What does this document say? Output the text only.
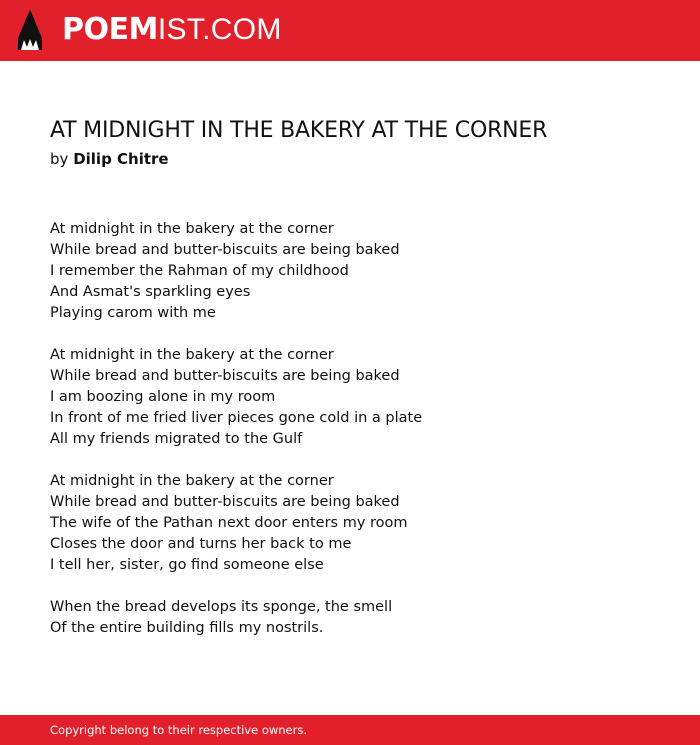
POEMIST.COM
AT MIDNIGHT IN THE BAKERY AT THE CORNER
by Dilip Chitre
At midnight in the bakery at the corner
While bread and butter-biscuits are being baked
I remember the Rahman of my childhood
And Asmat's sparkling eyes
Playing carom with me
At midnight in the bakery at the corner
While bread and butter-biscuits are being baked
I am boozing alone in my room
In front of me fried liver pieces gone cold in a plate
All my friends migrated to the Gulf
At midnight in the bakery at the corner
While bread and butter-biscuits are being baked
The wife of the Pathan next door enters my room
Closes the door and turns her back to me
I tell her, sister, go find someone else
When the bread develops its sponge, the smell
Of the entire building fills my nostrils.
Copyright belong to their respective owners.
